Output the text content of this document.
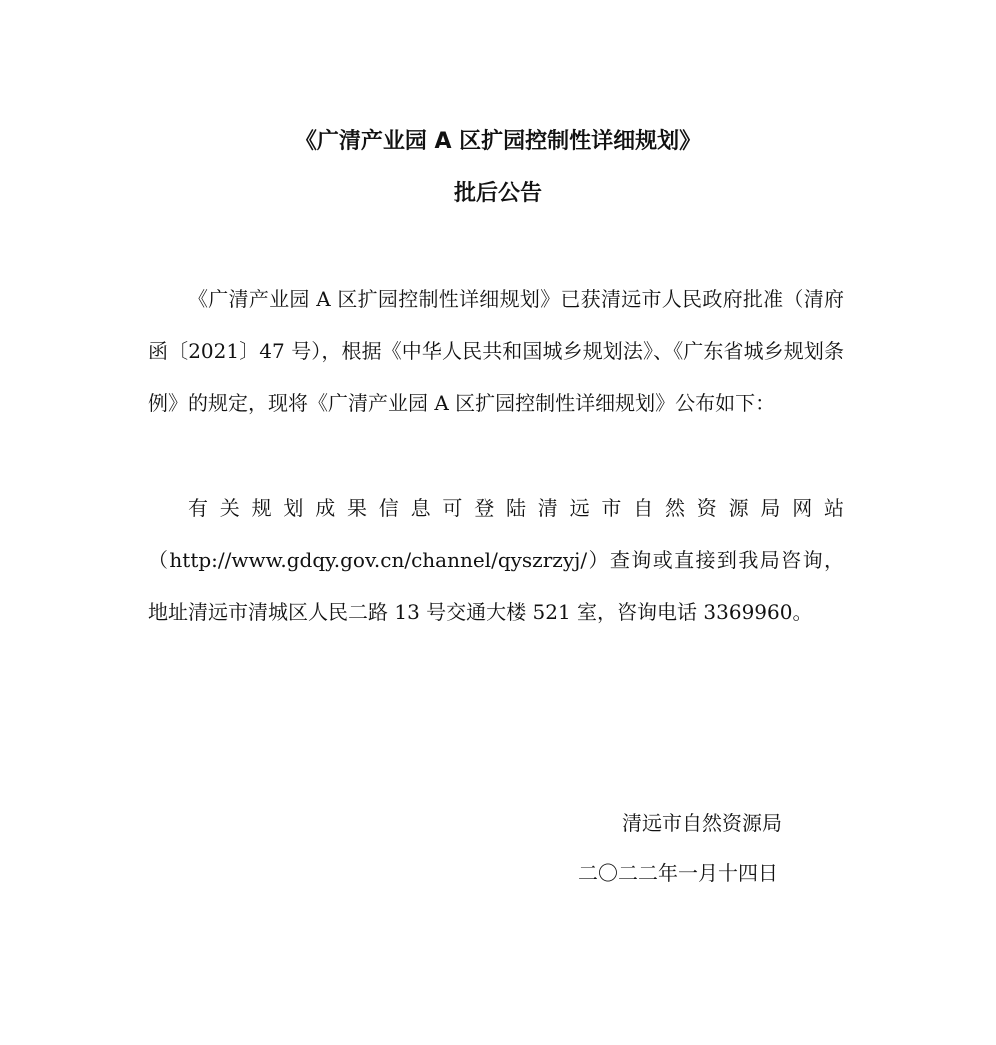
《广清产业园 A 区扩园控制性详细规划》
批后公告

《广清产业园 A 区扩园控制性详细规划》已获清远市人民政府批准（清府函〔2021〕47 号），根据《中华人民共和国城乡规划法》、《广东省城乡规划条例》的规定，现将《广清产业园 A 区扩园控制性详细规划》公布如下：

有关规划成果信息可登陆清远市自然资源局网站（http://www.gdqy.gov.cn/channel/qyszrzyj/）查询或直接到我局咨询，地址清远市清城区人民二路 13 号交通大楼 521 室，咨询电话 3369960。

清远市自然资源局

二〇二二年一月十四日
